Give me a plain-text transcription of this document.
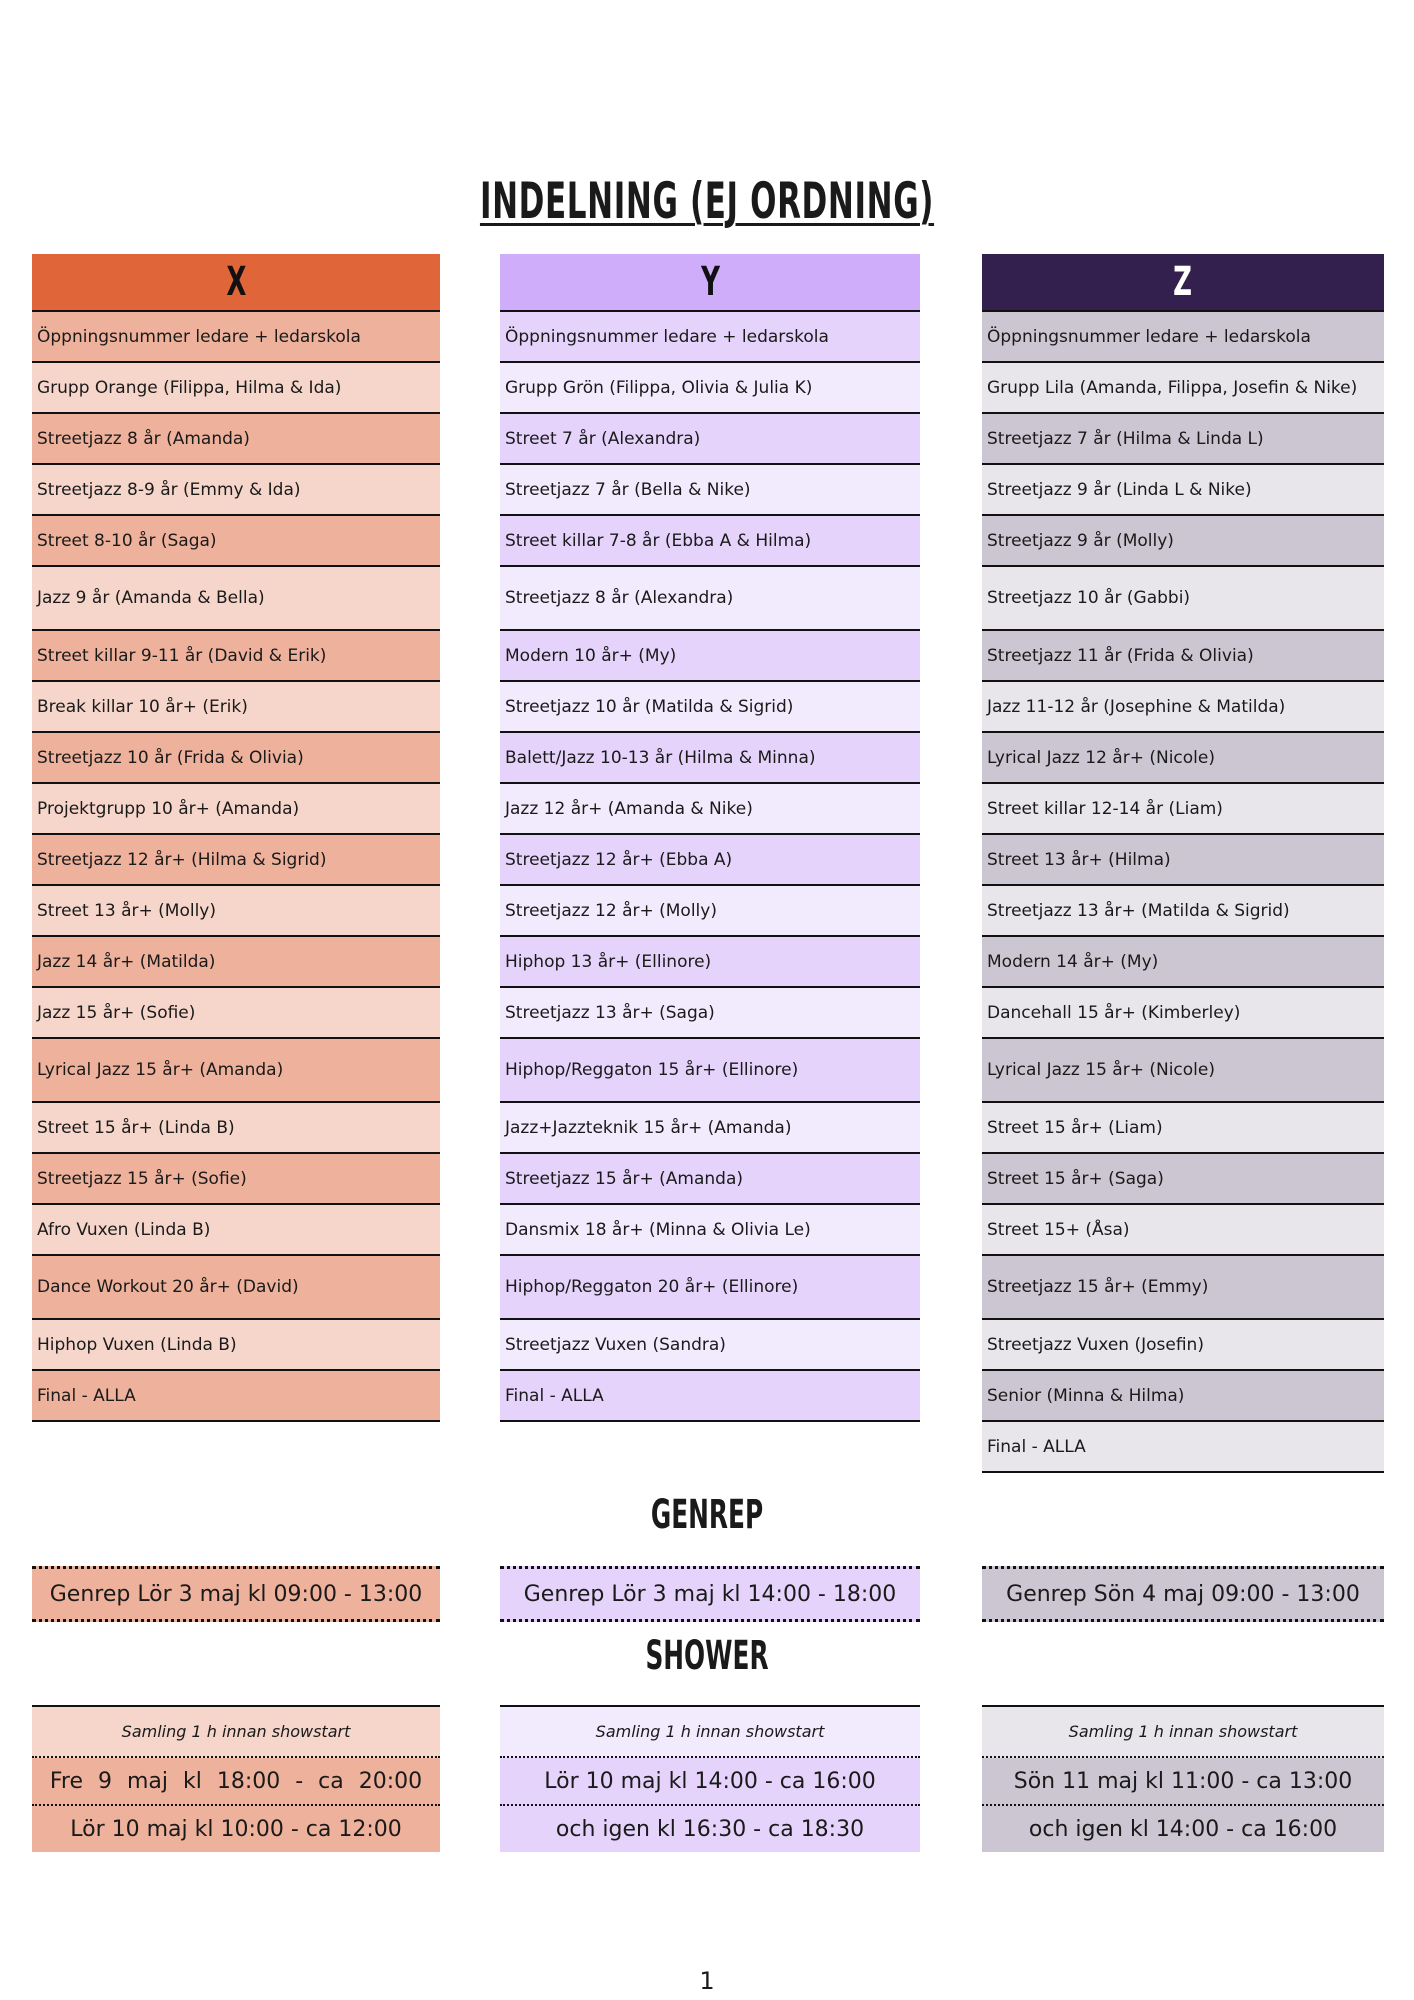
INDELNING (EJ ORDNING)
X
Öppningsnummer ledare + ledarskola
Grupp Orange (Filippa, Hilma & Ida)
Streetjazz 8 år (Amanda)
Streetjazz 8-9 år (Emmy & Ida)
Street 8-10 år (Saga)
Jazz 9 år (Amanda & Bella)
Street killar 9-11 år (David & Erik)
Break killar 10 år+ (Erik)
Streetjazz 10 år (Frida & Olivia)
Projektgrupp 10 år+ (Amanda)
Streetjazz 12 år+ (Hilma & Sigrid)
Street 13 år+ (Molly)
Jazz 14 år+ (Matilda)
Jazz 15 år+ (Sofie)
Lyrical Jazz 15 år+ (Amanda)
Street 15 år+ (Linda B)
Streetjazz 15 år+ (Sofie)
Afro Vuxen (Linda B)
Dance Workout 20 år+ (David)
Hiphop Vuxen (Linda B)
Final - ALLA
Y
Öppningsnummer ledare + ledarskola
Grupp Grön (Filippa, Olivia & Julia K)
Street 7 år (Alexandra)
Streetjazz 7 år (Bella & Nike)
Street killar 7-8 år (Ebba A & Hilma)
Streetjazz 8 år (Alexandra)
Modern 10 år+ (My)
Streetjazz 10 år (Matilda & Sigrid)
Balett/Jazz 10-13 år (Hilma & Minna)
Jazz 12 år+ (Amanda & Nike)
Streetjazz 12 år+ (Ebba A)
Streetjazz 12 år+ (Molly)
Hiphop 13 år+ (Ellinore)
Streetjazz 13 år+ (Saga)
Hiphop/Reggaton 15 år+ (Ellinore)
Jazz+Jazzteknik 15 år+ (Amanda)
Streetjazz 15 år+ (Amanda)
Dansmix 18 år+ (Minna & Olivia Le)
Hiphop/Reggaton 20 år+ (Ellinore)
Streetjazz Vuxen (Sandra)
Final - ALLA
Z
Öppningsnummer ledare + ledarskola
Grupp Lila (Amanda, Filippa, Josefin & Nike)
Streetjazz 7 år (Hilma & Linda L)
Streetjazz 9 år (Linda L & Nike)
Streetjazz 9 år (Molly)
Streetjazz 10 år (Gabbi)
Streetjazz 11 år (Frida & Olivia)
Jazz 11-12 år (Josephine & Matilda)
Lyrical Jazz 12 år+ (Nicole)
Street killar 12-14 år (Liam)
Street 13 år+ (Hilma)
Streetjazz 13 år+ (Matilda & Sigrid)
Modern 14 år+ (My)
Dancehall 15 år+ (Kimberley)
Lyrical Jazz 15 år+ (Nicole)
Street 15 år+ (Liam)
Street 15 år+ (Saga)
Street 15+ (Åsa)
Streetjazz 15 år+ (Emmy)
Streetjazz Vuxen (Josefin)
Senior (Minna & Hilma)
Final - ALLA
GENREP
Genrep Lör 3 maj kl 09:00 - 13:00	Genrep Lör 3 maj kl 14:00 - 18:00	Genrep Sön 4 maj 09:00 - 13:00
SHOWER
Samling 1 h innan showstart
Fre 9 maj kl 18:00 - ca 20:00
Lör 10 maj kl 10:00 - ca 12:00
Samling 1 h innan showstart
Lör 10 maj kl 14:00 - ca 16:00
och igen kl 16:30 - ca 18:30
Samling 1 h innan showstart
Sön 11 maj kl 11:00 - ca 13:00
och igen kl 14:00 - ca 16:00
1
